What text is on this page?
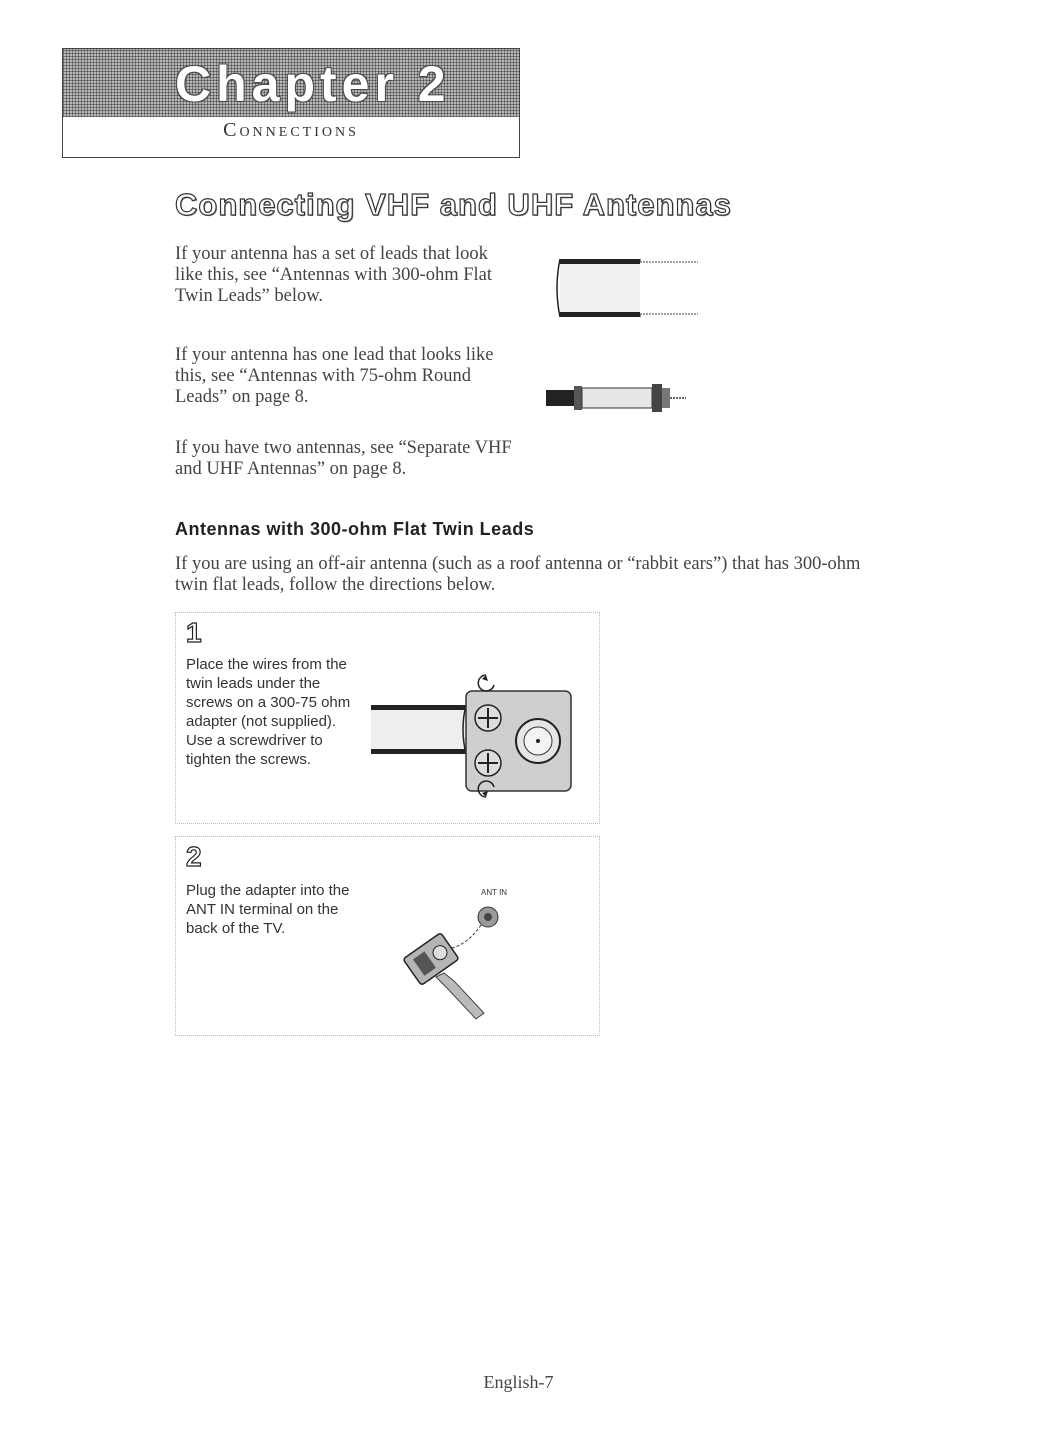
Chapter 2
Connections
Connecting VHF and UHF Antennas

If your antenna has a set of leads that look like this, see “Antennas with 300-ohm Flat Twin Leads” below.

If your antenna has one lead that looks like this, see “Antennas with 75-ohm Round Leads” on page 8.

If you have two antennas, see “Separate VHF and UHF Antennas” on page 8.

Antennas with 300-ohm Flat Twin Leads

If you are using an off-air antenna (such as a roof antenna or “rabbit ears”) that has 300-ohm twin flat leads, follow the directions below.

1

Place the wires from the twin leads under the screws on a 300-75 ohm adapter (not supplied). Use a screwdriver to tighten the screws.

2

Plug the adapter into the ANT IN terminal on the back of the TV.

ANT IN
English-7
